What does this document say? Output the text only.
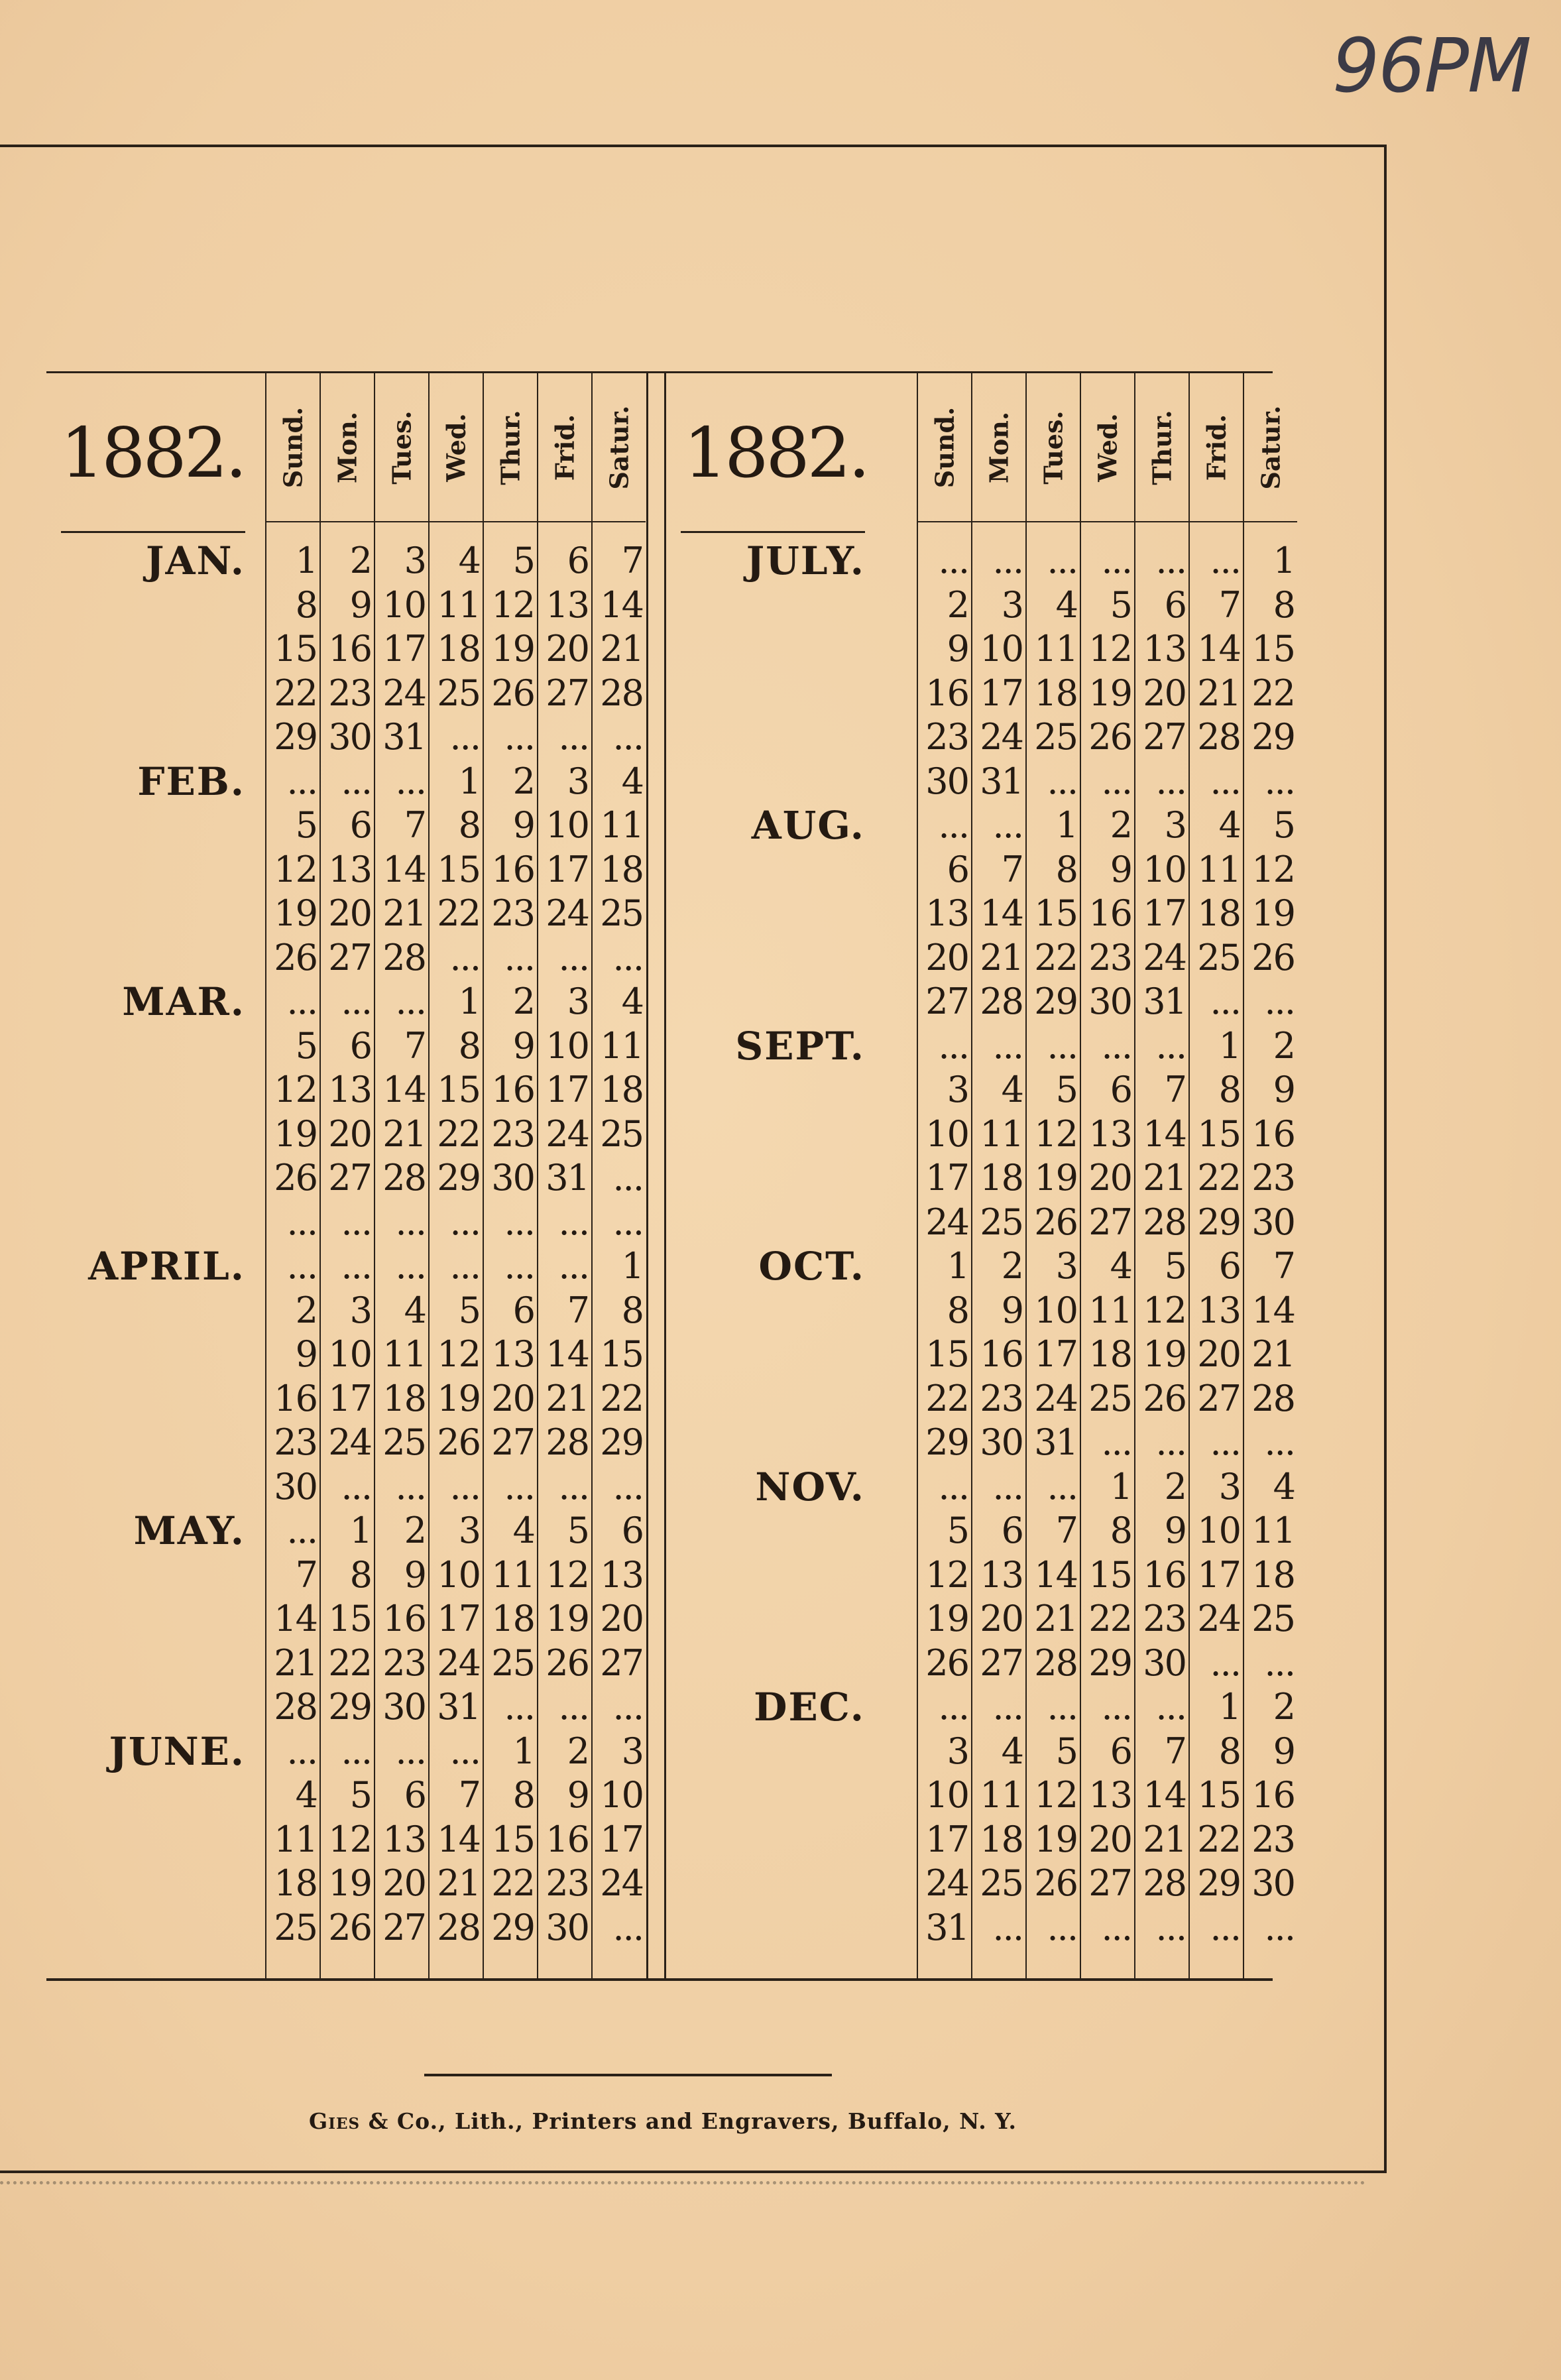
96PM
1882.	Sund. Mon. Tues. Wed. Thur. Frid. Satur.
JAN.
FEB.
MAR.
APRIL.
MAY.
JUNE.
1 2 3 4 5 6 7
8 9 10 11 12 13 14
15 16 17 18 19 20 21
22 23 24 25 26 27 28
29 30 31 ... ... ... ...
... ... ... 1 2 3 4
5 6 7 8 9 10 11
12 13 14 15 16 17 18
19 20 21 22 23 24 25
26 27 28 ... ... ... ...
... ... ... 1 2 3 4
5 6 7 8 9 10 11
12 13 14 15 16 17 18
19 20 21 22 23 24 25
26 27 28 29 30 31 ...
... ... ... ... ... ... ...
... ... ... ... ... ... 1
2 3 4 5 6 7 8
9 10 11 12 13 14 15
16 17 18 19 20 21 22
23 24 25 26 27 28 29
30 ... ... ... ... ... ...
... 1 2 3 4 5 6
7 8 9 10 11 12 13
14 15 16 17 18 19 20
21 22 23 24 25 26 27
28 29 30 31 ... ... ...
... ... ... ... 1 2 3
4 5 6 7 8 9 10
11 12 13 14 15 16 17
18 19 20 21 22 23 24
25 26 27 28 29 30 ...
1882.	Sund. Mon. Tues. Wed. Thur. Frid. Satur.
JULY.
AUG.
SEPT.
OCT.
NOV.
DEC.
... ... ... ... ... ... 1
2 3 4 5 6 7 8
9 10 11 12 13 14 15
16 17 18 19 20 21 22
23 24 25 26 27 28 29
30 31 ... ... ... ... ...
... ... 1 2 3 4 5
6 7 8 9 10 11 12
13 14 15 16 17 18 19
20 21 22 23 24 25 26
27 28 29 30 31 ... ...
... ... ... ... ... 1 2
3 4 5 6 7 8 9
10 11 12 13 14 15 16
17 18 19 20 21 22 23
24 25 26 27 28 29 30
1 2 3 4 5 6 7
8 9 10 11 12 13 14
15 16 17 18 19 20 21
22 23 24 25 26 27 28
29 30 31 ... ... ... ...
... ... ... 1 2 3 4
5 6 7 8 9 10 11
12 13 14 15 16 17 18
19 20 21 22 23 24 25
26 27 28 29 30 ... ...
... ... ... ... ... 1 2
3 4 5 6 7 8 9
10 11 12 13 14 15 16
17 18 19 20 21 22 23
24 25 26 27 28 29 30
31 ... ... ... ... ... ...
Gies & Co., Lith., Printers and Engravers, Buffalo, N. Y.
